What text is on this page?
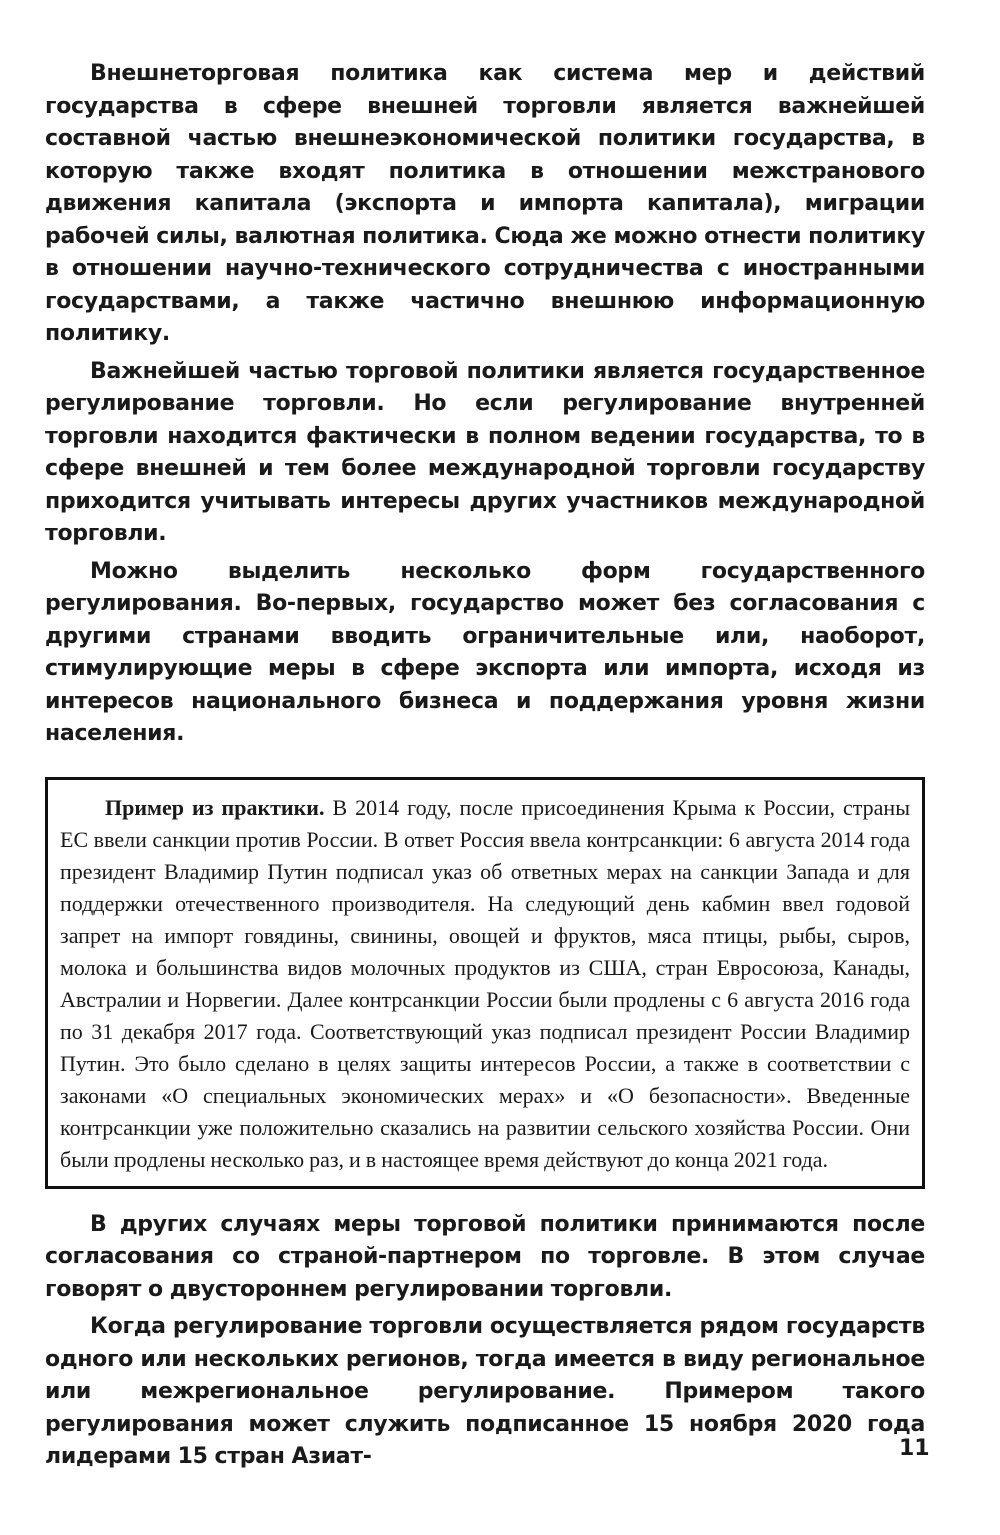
Внешнеторговая политика как система мер и действий государства в сфере внешней торговли является важнейшей составной частью внешнеэкономической политики государства, в которую также входят политика в отношении межстранового движения капитала (экспорта и импорта капитала), миграции рабочей силы, валютная политика. Сюда же можно отнести политику в отношении научно-технического сотрудничества с иностранными государствами, а также частично внешнюю информационную политику.

Важнейшей частью торговой политики является государственное регулирование торговли. Но если регулирование внутренней торговли находится фактически в полном ведении государства, то в сфере внешней и тем более международной торговли государству приходится учитывать интересы других участников международной торговли.

Можно выделить несколько форм государственного регулирования. Во-первых, государство может без согласования с другими странами вводить ограничительные или, наоборот, стимулирующие меры в сфере экспорта или импорта, исходя из интересов национального бизнеса и поддержания уровня жизни населения.

Пример из практики. В 2014 году, после присоединения Крыма к России, страны ЕС ввели санкции против России. В ответ Россия ввела контрсанкции: 6 августа 2014 года президент Владимир Путин подписал указ об ответных мерах на санкции Запада и для поддержки отечественного производителя. На следующий день кабмин ввел годовой запрет на импорт говядины, свинины, овощей и фруктов, мяса птицы, рыбы, сыров, молока и большинства видов молочных продуктов из США, стран Евросоюза, Канады, Австралии и Норвегии. Далее контрсанкции России были продлены с 6 августа 2016 года по 31 декабря 2017 года. Соответствующий указ подписал президент России Владимир Путин. Это было сделано в целях защиты интересов России, а также в соответствии с законами «О специальных экономических мерах» и «О безопасности». Введенные контрсанкции уже положительно сказались на развитии сельского хозяйства России. Они были продлены несколько раз, и в настоящее время действуют до конца 2021 года.

В других случаях меры торговой политики принимаются после согласования со страной-партнером по торговле. В этом случае говорят о двустороннем регулировании торговли.

Когда регулирование торговли осуществляется рядом государств одного или нескольких регионов, тогда имеется в виду региональное или межрегиональное регулирование. Примером такого регулирования может служить подписанное 15 ноября 2020 года лидерами 15 стран Азиат-	11
